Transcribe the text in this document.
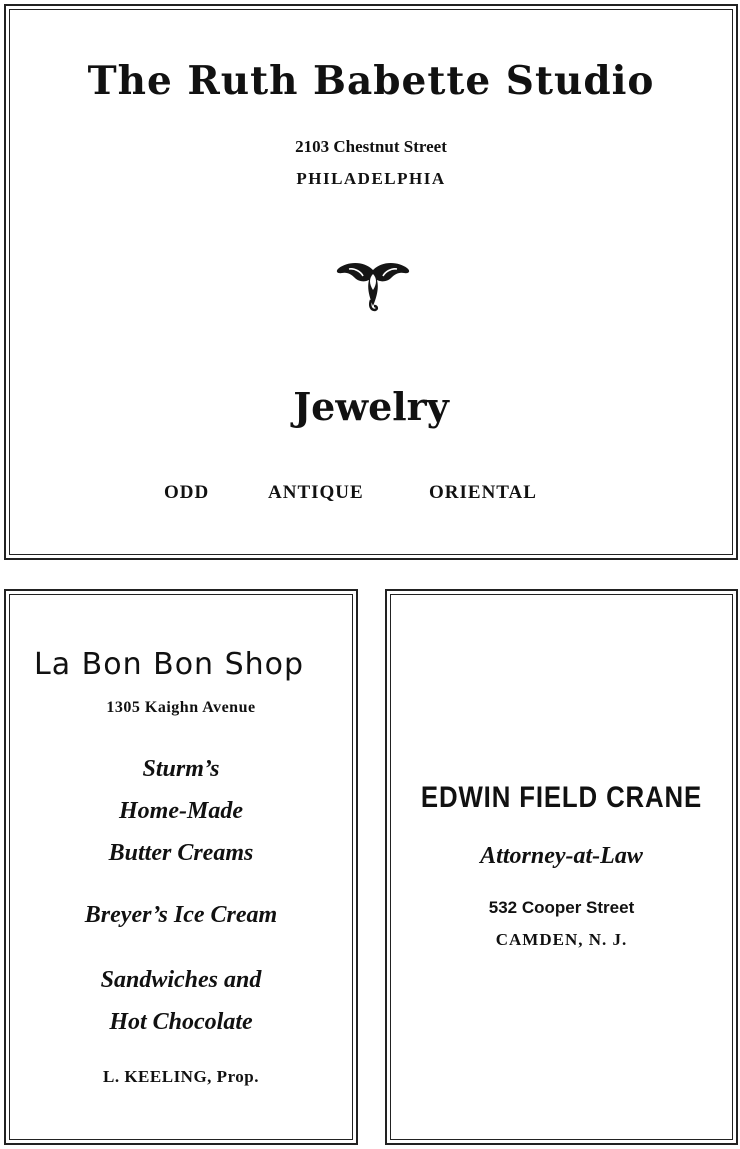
The Ruth Babette Studio
2103 Chestnut Street
PHILADELPHIA
Jewelry
ODD	ANTIQUE	ORIENTAL
La Bon Bon Shop
1305 Kaighn Avenue
Sturm’s
Home-Made
Butter Creams
Breyer’s Ice Cream
Sandwiches and
Hot Chocolate
L. KEELING, Prop.
EDWIN FIELD CRANE
Attorney-at-Law
532 Cooper Street
CAMDEN, N. J.
